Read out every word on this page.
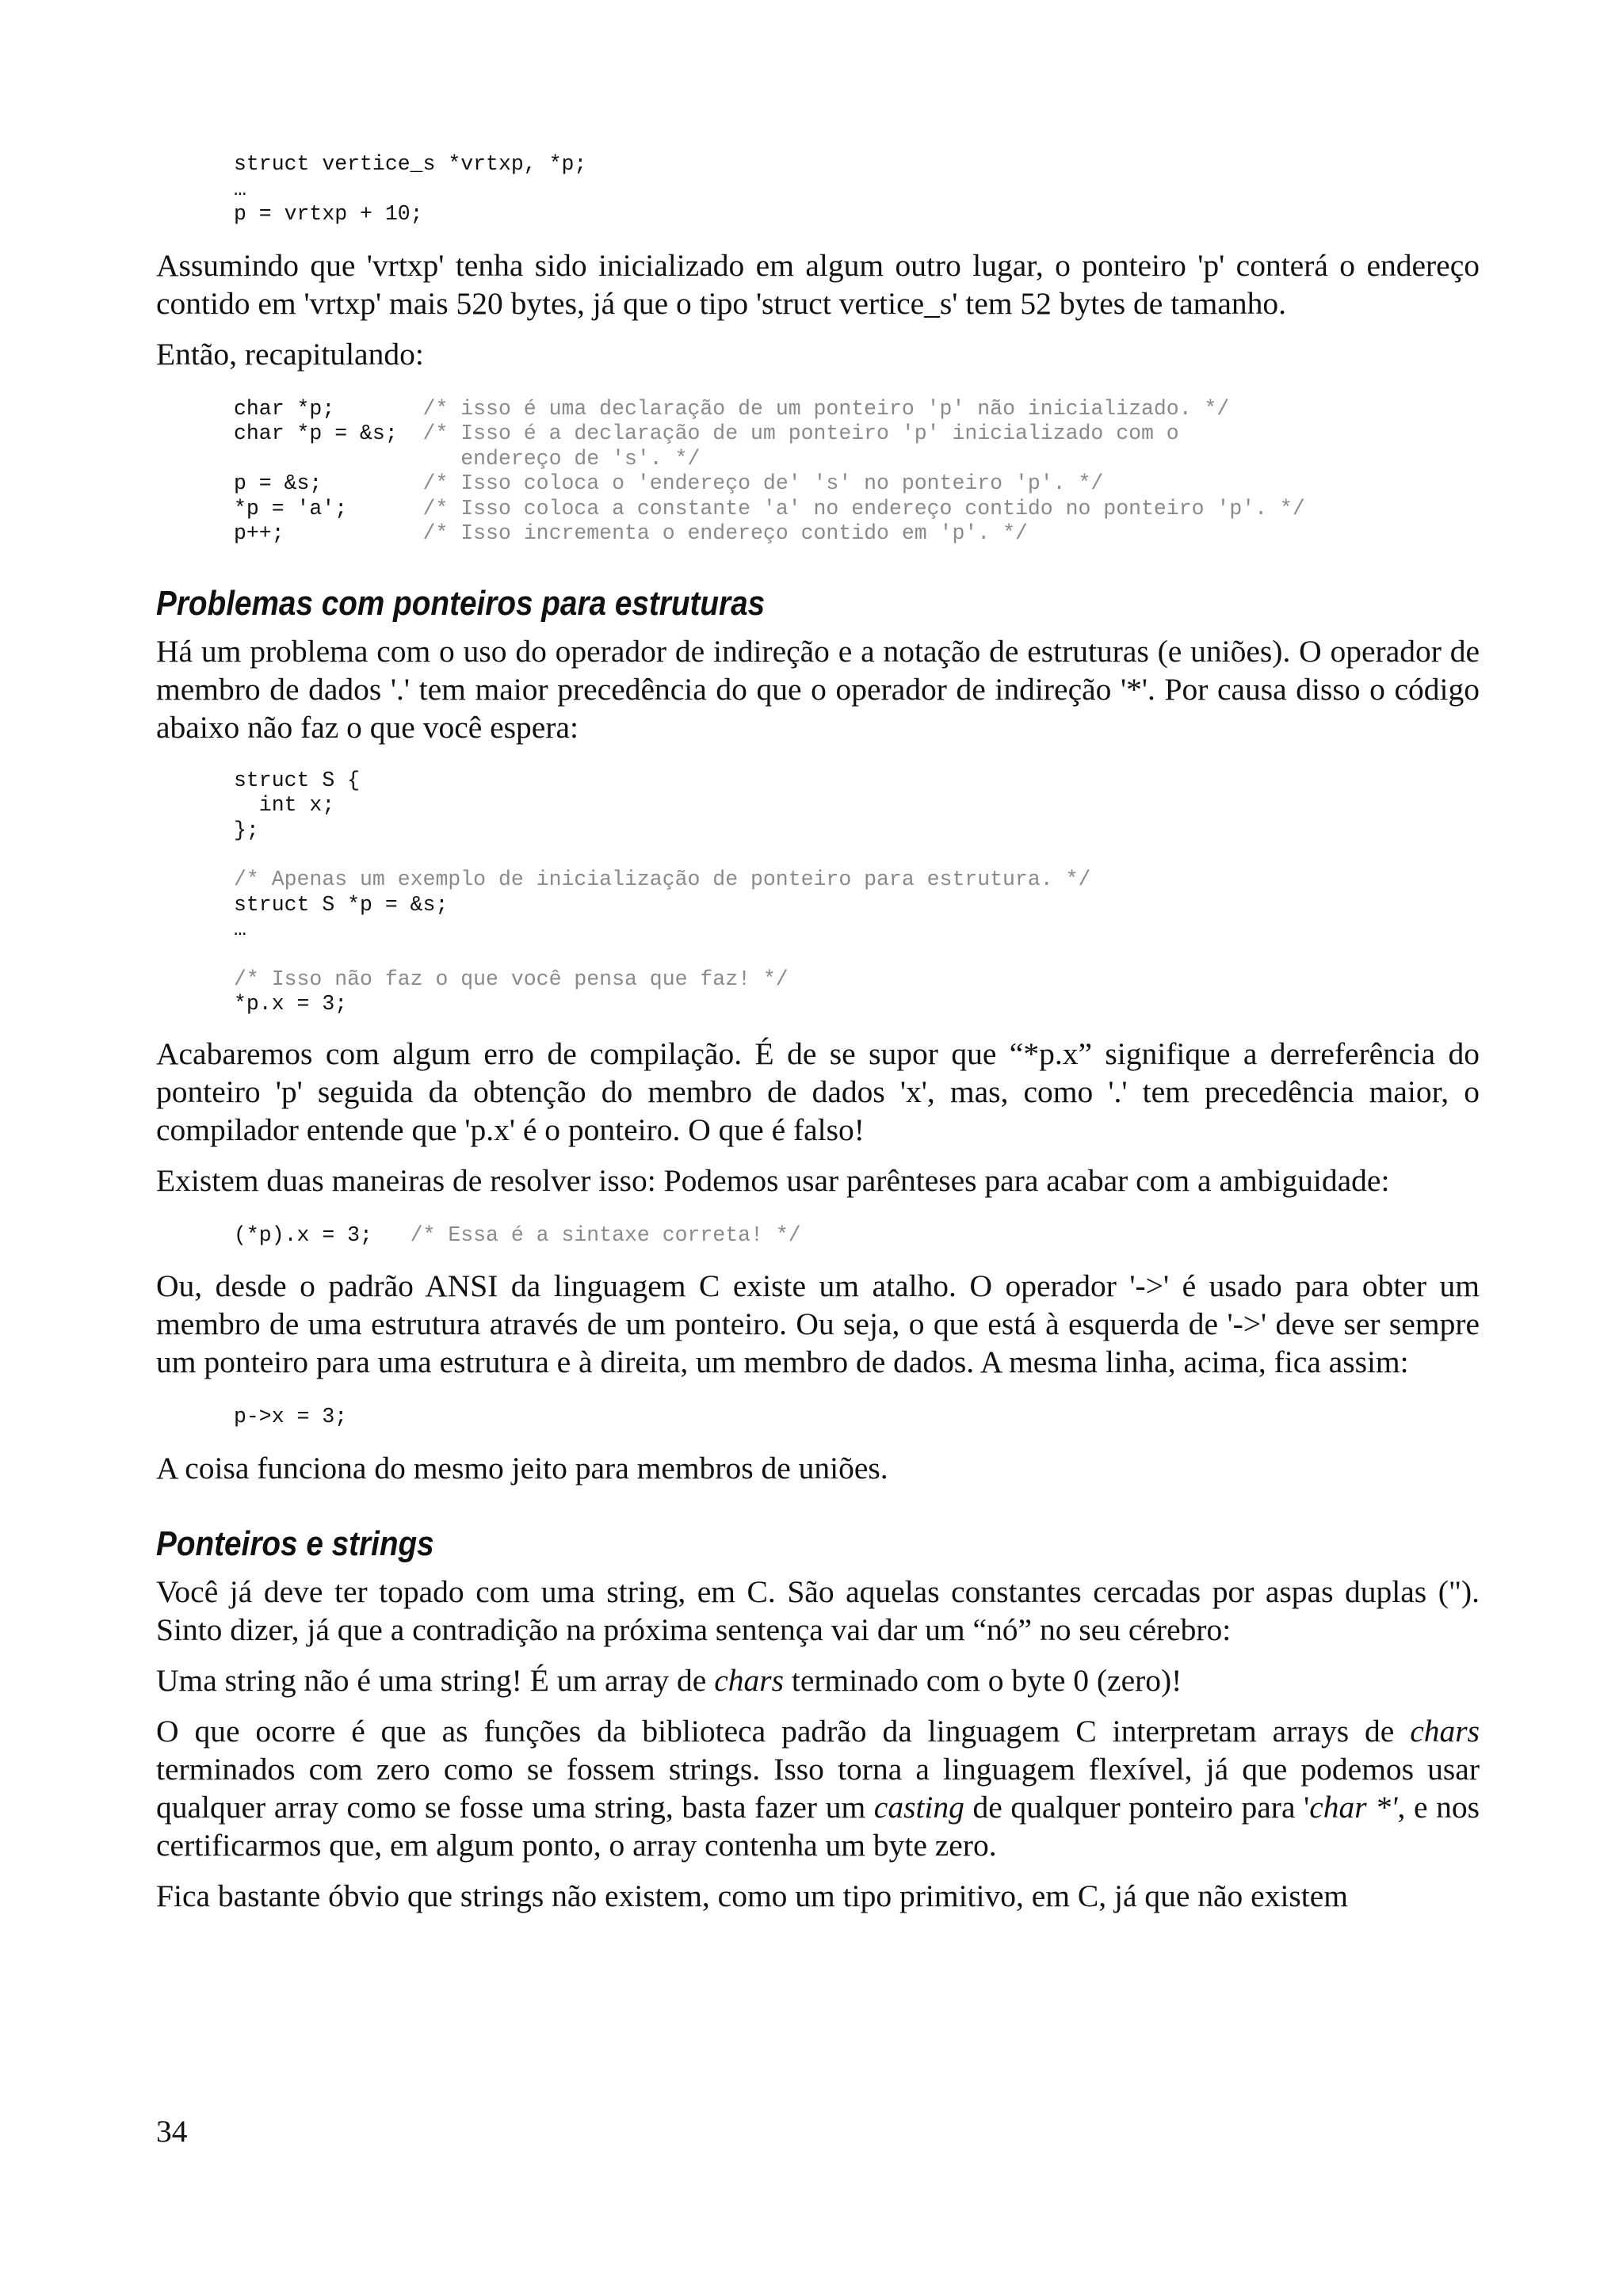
struct vertice_s *vrtxp, *p;
…
p = vrtxp + 10;

Assumindo que 'vrtxp' tenha sido inicializado em algum outro lugar, o ponteiro 'p' conterá o endereço contido em 'vrtxp' mais 520 bytes, já que o tipo 'struct vertice_s' tem 52 bytes de tamanho.

Então, recapitulando:

char *p;       /* isso é uma declaração de um ponteiro 'p' não inicializado. */
char *p = &s;  /* Isso é a declaração de um ponteiro 'p' inicializado com o
endereço de 's'. */
p = &s;        /* Isso coloca o 'endereço de' 's' no ponteiro 'p'. */
*p = 'a';      /* Isso coloca a constante 'a' no endereço contido no ponteiro 'p'. */
p++;           /* Isso incrementa o endereço contido em 'p'. */
Problemas com ponteiros para estruturas

Há um problema com o uso do operador de indireção e a notação de estruturas (e uniões). O operador de membro de dados '.' tem maior precedência do que o operador de indireção '*'. Por causa disso o código abaixo não faz o que você espera:

struct S {
int x;
};
/* Apenas um exemplo de inicialização de ponteiro para estrutura. */
struct S *p = &s;
…
/* Isso não faz o que você pensa que faz! */
*p.x = 3;

Acabaremos com algum erro de compilação. É de se supor que “*p.x” signifique a derreferência do ponteiro 'p' seguida da obtenção do membro de dados 'x', mas, como '.' tem precedência maior, o compilador entende que 'p.x' é o ponteiro. O que é falso!

Existem duas maneiras de resolver isso: Podemos usar parênteses para acabar com a ambiguidade:

(*p).x = 3;   /* Essa é a sintaxe correta! */

Ou, desde o padrão ANSI da linguagem C existe um atalho. O operador '->' é usado para obter um membro de uma estrutura através de um ponteiro. Ou seja, o que está à esquerda de '->' deve ser sempre um ponteiro para uma estrutura e à direita, um membro de dados. A mesma linha, acima, fica assim:

p->x = 3;

A coisa funciona do mesmo jeito para membros de uniões.

Ponteiros e strings

Você já deve ter topado com uma string, em C. São aquelas constantes cercadas por aspas duplas ("). Sinto dizer, já que a contradição na próxima sentença vai dar um “nó” no seu cérebro:

Uma string não é uma string! É um array de chars terminado com o byte 0 (zero)!

O que ocorre é que as funções da biblioteca padrão da linguagem C interpretam arrays de chars terminados com zero como se fossem strings. Isso torna a linguagem flexível, já que podemos usar qualquer array como se fosse uma string, basta fazer um casting de qualquer ponteiro para 'char *', e nos certificarmos que, em algum ponto, o array contenha um byte zero.

Fica bastante óbvio que strings não existem, como um tipo primitivo, em C, já que não existem

34
